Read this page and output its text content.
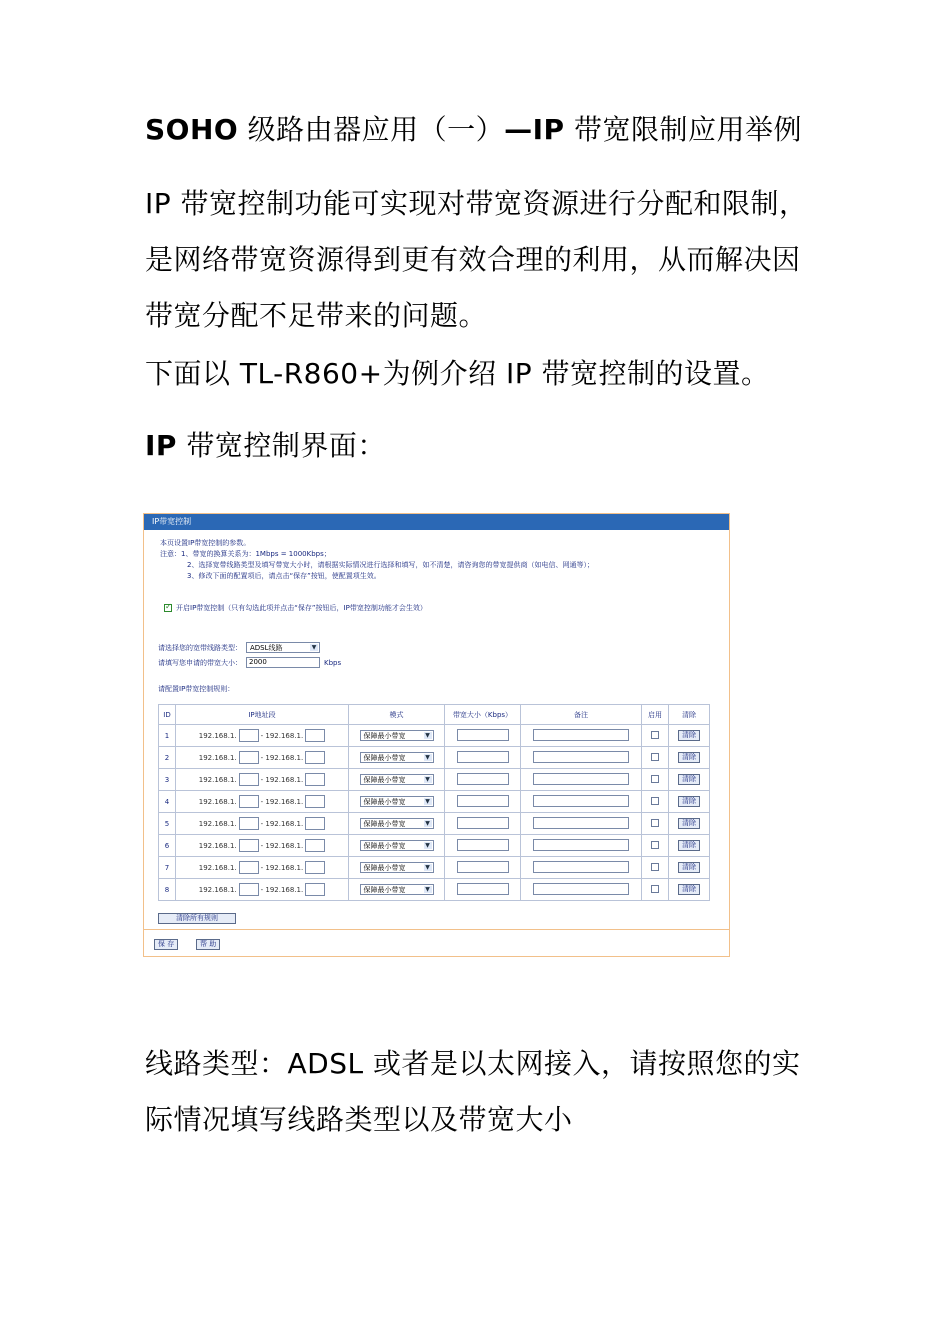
SOHO 级路由器应用（一）—IP 带宽限制应用举例
IP 带宽控制功能可实现对带宽资源进行分配和限制，
是网络带宽资源得到更有效合理的利用，从而解决因
带宽分配不足带来的问题。
下面以 TL-R860+为例介绍 IP 带宽控制的设置。
IP 带宽控制界面：
IP带宽控制
本页设置IP带宽控制的参数。
注意：1、带宽的换算关系为：1Mbps = 1000Kbps；
2、选择宽带线路类型及填写带宽大小时，请根据实际情况进行选择和填写，如不清楚，请咨询您的带宽提供商（如电信、网通等）；
3、修改下面的配置项后，请点击“保存”按钮，使配置项生效。
✓
开启IP带宽控制（只有勾选此项并点击“保存”按钮后，IP带宽控制功能才会生效）
请选择您的宽带线路类型： ADSL线路	▼
请填写您申请的带宽大小：	2000	Kbps
请配置IP带宽控制规则：
ID	IP地址段	模式	带宽大小（Kbps）	备注	启用	清除
1	192.168.1. - 192.168.1.	保障最小带宽 ▼				清除
2	192.168.1. - 192.168.1.	保障最小带宽 ▼				清除
3	192.168.1. - 192.168.1.	保障最小带宽 ▼				清除
4	192.168.1. - 192.168.1.	保障最小带宽 ▼				清除
5	192.168.1. - 192.168.1.	保障最小带宽 ▼				清除
6	192.168.1. - 192.168.1.	保障最小带宽 ▼				清除
7	192.168.1. - 192.168.1.	保障最小带宽 ▼				清除
8	192.168.1. - 192.168.1.	保障最小带宽 ▼				清除
清除所有规则
保 存	帮 助
线路类型：ADSL 或者是以太网接入，请按照您的实
际情况填写线路类型以及带宽大小
